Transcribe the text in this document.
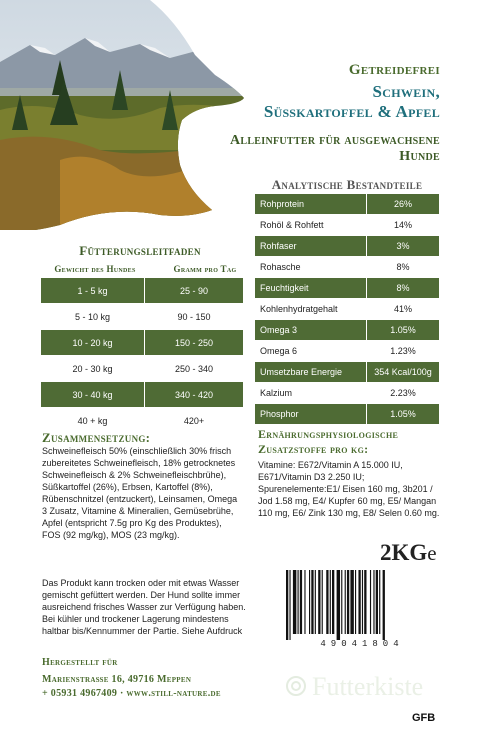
Getreidefrei
Schwein,
Süßkartoffel & Apfel
Alleinfutter für ausgewachsene Hunde
Analytische Bestandteile
Rohprotein	26%
Rohöl & Rohfett	14%
Rohfaser	3%
Rohasche	8%
Feuchtigkeit	8%
Kohlenhydratgehalt	41%
Omega 3	1.05%
Omega 6	1.23%
Umsetzbare Energie	354 Kcal/100g
Kalzium	2.23%
Phosphor	1.05%
Fütterungsleitfaden
Gewicht des Hundes	Gramm pro Tag
1 - 5 kg	25 - 90
5 - 10 kg	90 - 150
10 - 20 kg	150 - 250
20 - 30 kg	250 - 340
30 - 40 kg	340 - 420
40 + kg	420+
Zusammensetzung:
Schweinefleisch 50% (einschließlich 30% frisch zubereitetes Schweinefleisch, 18% getrocknetes Schweinefleisch & 2% Schweinefleischbrühe), Süßkartoffel (26%), Erbsen, Kartoffel (8%), Rübenschnitzel (entzuckert), Leinsamen, Omega 3 Zusatz, Vitamine & Mineralien, Gemüsebrühe, Apfel (entspricht 7.5g pro Kg des Produktes), FOS (92 mg/kg), MOS (23 mg/kg).
Ernährungsphysiologische
Zusatzstoffe pro kg:
Vitamine: E672/Vitamin A 15.000 IU, E671/Vitamin D3 2.250 IU; Spurenelemente:E1/ Eisen 160 mg, 3b201 / Jod 1.58 mg, E4/ Kupfer 60 mg, E5/ Mangan 110 mg, E6/ Zink 130 mg, E8/ Selen 0.60 mg.
2KGe
49041804
Das Produkt kann trocken oder mit etwas Wasser gemischt gefüttert werden. Der Hund sollte immer ausreichend frisches Wasser zur Verfügung haben. Bei kühler und trockener Lagerung mindestens haltbar bis/Kennummer der Partie. Siehe Aufdruck
Hergestellt für
Marienstraße 16, 49716 Meppen
+ 05931 4967409 · www.still-nature.de	Futterkiste
GFB
